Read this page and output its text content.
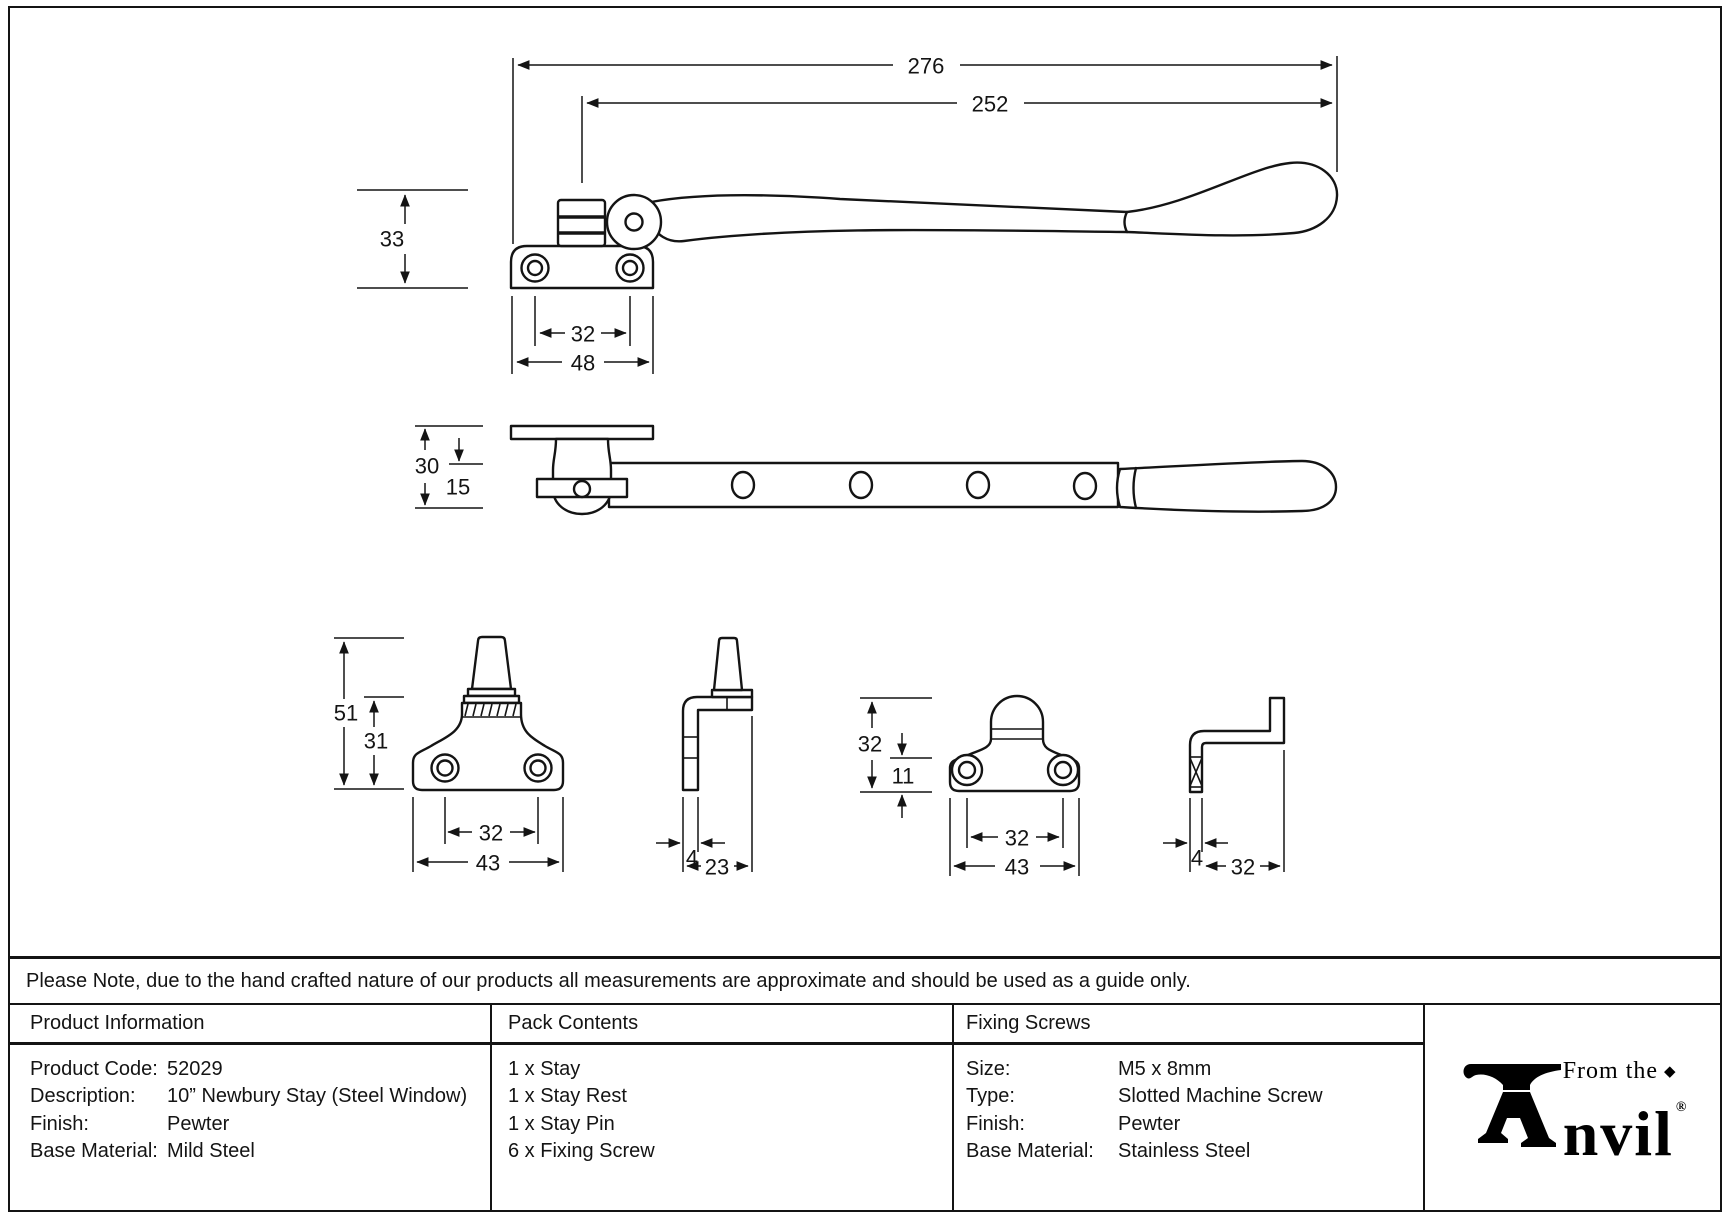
276
252
33
32
48
30
15
51
31
32
43	4 23
32
11
32
43	4 32
Please Note, due to the hand crafted nature of our products all measurements are approximate and should be used as a guide only.
Product Information	Pack Contents	Fixing Screws
Product Code: 52029
Description:	10” Newbury Stay (Steel Window)
Finish:	Pewter
Base Material: Mild Steel
1 x Stay
1 x Stay Rest
1 x Stay Pin
6 x Fixing Screw
Size:	M5 x 8mm
Type:	Slotted Machine Screw
Finish:	Pewter
Base Material:	Stainless Steel
From the ◆
nvil ®
